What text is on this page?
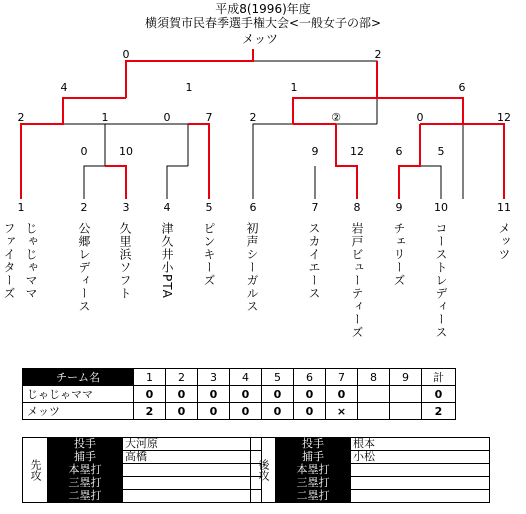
平成8(1996)年度
横須賀市民春季選手権大会<一般女子の部>
メッツ
0	2
4	1	1	6
2	1	0	7	2	②	0	12
0	10	9	12	6	5
1	2	3	4	5	6	7	8	9	10	11
ファイターズ じゃじゃママ	公郷レディース 久里浜ソフト 津久井小PTA ピンキーズ 初声シーガルス	スカイエース 岩戸ビューティーズ チェリーズ コーストレディース	メッツ
チーム名	1	2	3	4	5	6	7	8	9	計
じゃじゃママ	0	0	0	0	0	0	0			0
メッツ	2	0	0	0	0	0	×			2
先攻	投手	大河原
	捕手	高橋
	本塁打	
	三塁打	
	二塁打	
後攻	投手	根本
	捕手	小松
	本塁打	
	三塁打	
	二塁打	
